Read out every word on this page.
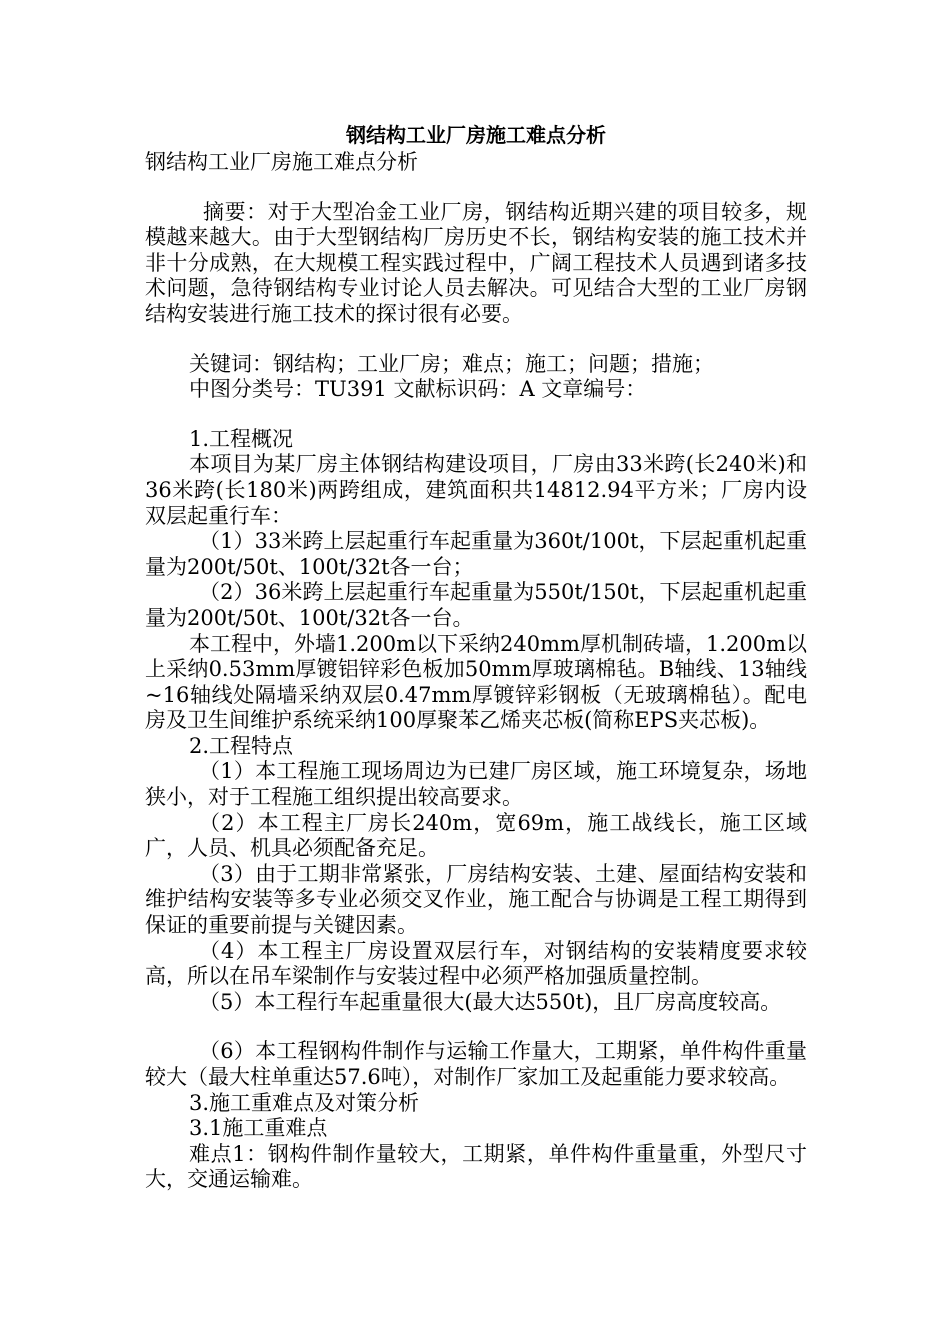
钢结构工业厂房施工难点分析

钢结构工业厂房施工难点分析

摘要：对于大型冶金工业厂房，钢结构近期兴建的项目较多，规模越来越大。由于大型钢结构厂房历史不长，钢结构安装的施工技术并非十分成熟，在大规模工程实践过程中，广阔工程技术人员遇到诸多技术问题，急待钢结构专业讨论人员去解决。可见结合大型的工业厂房钢结构安装进行施工技术的探讨很有必要。

关键词：钢结构；工业厂房；难点；施工；问题；措施；

中图分类号：TU391 文献标识码：A 文章编号：

1.工程概况

本项目为某厂房主体钢结构建设项目，厂房由33米跨(长240米)和36米跨(长180米)两跨组成，建筑面积共14812.94平方米；厂房内设双层起重行车：

（1）33米跨上层起重行车起重量为360t/100t，下层起重机起重量为200t/50t、100t/32t各一台；

（2）36米跨上层起重行车起重量为550t/150t，下层起重机起重量为200t/50t、100t/32t各一台。

本工程中，外墙1.200m以下采纳240mm厚机制砖墙，1.200m以上采纳0.53mm厚镀铝锌彩色板加50mm厚玻璃棉毡。B轴线、13轴线~16轴线处隔墙采纳双层0.47mm厚镀锌彩钢板（无玻璃棉毡）。配电房及卫生间维护系统采纳100厚聚苯乙烯夹芯板(简称EPS夹芯板)。

2.工程特点

（1）本工程施工现场周边为已建厂房区域，施工环境复杂，场地狭小，对于工程施工组织提出较高要求。

（2）本工程主厂房长240m，宽69m，施工战线长，施工区域广，人员、机具必须配备充足。

（3）由于工期非常紧张，厂房结构安装、土建、屋面结构安装和维护结构安装等多专业必须交叉作业，施工配合与协调是工程工期得到保证的重要前提与关键因素。

（4）本工程主厂房设置双层行车，对钢结构的安装精度要求较高，所以在吊车梁制作与安装过程中必须严格加强质量控制。

（5）本工程行车起重量很大(最大达550t)，且厂房高度较高。

（6）本工程钢构件制作与运输工作量大，工期紧，单件构件重量较大（最大柱单重达57.6吨），对制作厂家加工及起重能力要求较高。

3.施工重难点及对策分析

3.1施工重难点

难点1：钢构件制作量较大，工期紧，单件构件重量重，外型尺寸大，交通运输难。
